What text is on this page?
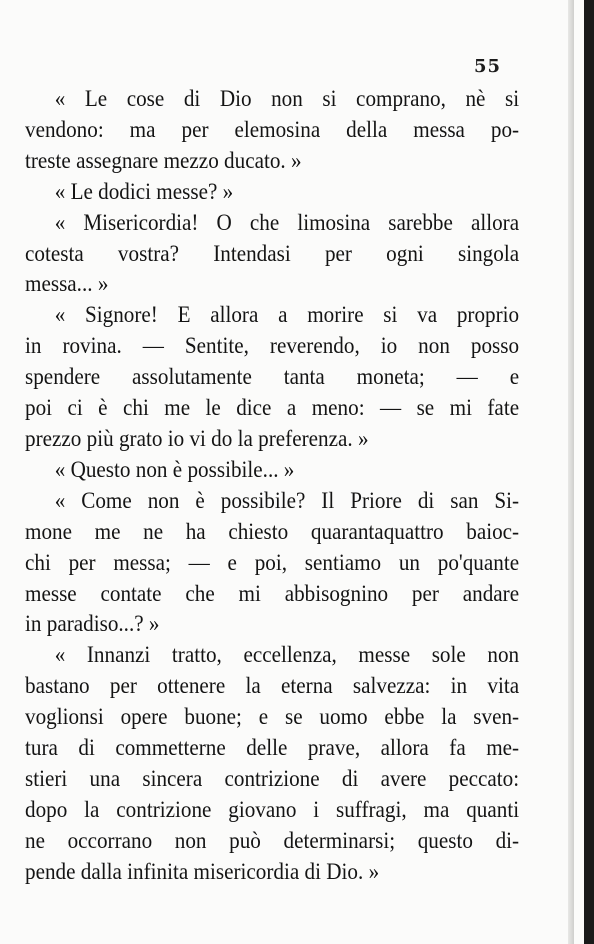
55
« Le cose di Dio non si comprano, nè si
vendono: ma per elemosina della messa po-
treste assegnare mezzo ducato. »
« Le dodici messe? »
« Misericordia! O che limosina sarebbe allora
cotesta vostra? Intendasi per ogni singola
messa... »
« Signore! E allora a morire si va proprio
in rovina. — Sentite, reverendo, io non posso
spendere assolutamente tanta moneta; — e
poi ci è chi me le dice a meno: — se mi fate
prezzo più grato io vi do la preferenza. »
« Questo non è possibile... »
« Come non è possibile? Il Priore di san Si-
mone me ne ha chiesto quarantaquattro baioc-
chi per messa; — e poi, sentiamo un po'quante
messe contate che mi abbisognino per andare
in paradiso...? »
« Innanzi tratto, eccellenza, messe sole non
bastano per ottenere la eterna salvezza: in vita
voglionsi opere buone; e se uomo ebbe la sven-
tura di commetterne delle prave, allora fa me-
stieri una sincera contrizione di avere peccato:
dopo la contrizione giovano i suffragi, ma quanti
ne occorrano non può determinarsi; questo di-
pende dalla infinita misericordia di Dio. »
